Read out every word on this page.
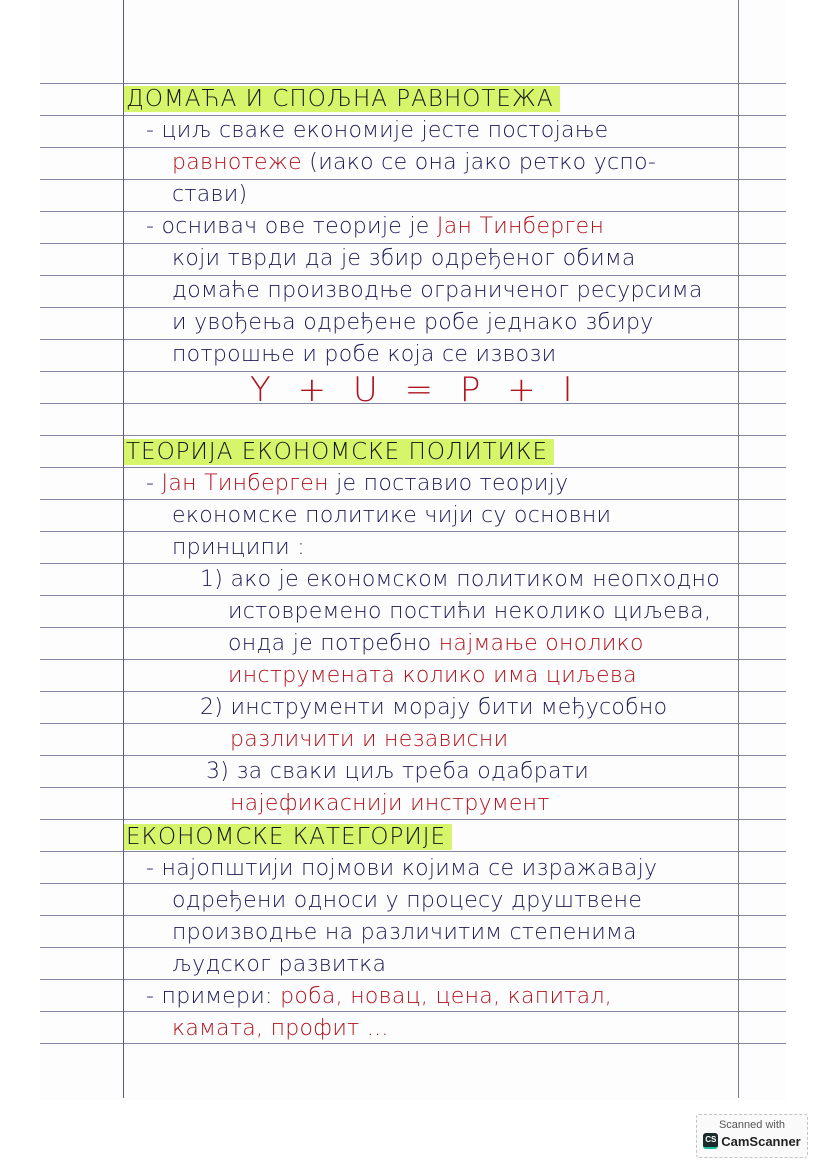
ДОМАЋА И СПОЉНА РАВНОТЕЖА
- циљ сваке економије јесте постојање
равнотеже (иако се она јако ретко успо-
стави)
- оснивач ове теорије је Јан Тинберген
који тврди да је збир одређеног обима
домаће производње ограниченог ресурсима
и увођења одређене робе једнако збиру
потрошње и робе која се извози
Y + U = P + I
ТЕОРИЈА ЕКОНОМСКЕ ПОЛИТИКЕ
- Јан Тинберген је поставио теорију
економске политике чији су основни
принципи :
1) ако је економском политиком неопходно
истовремено постићи неколико циљева,
онда је потребно најмање онолико
инструмената колико има циљева
2) инструменти морају бити међусобно
различити и независни
3) за сваки циљ треба одабрати
најефикаснији инструмент
ЕКОНОМСКЕ КАТЕГОРИЈЕ
- најопштији појмови којима се изражавају
одређени односи у процесу друштвене
производње на различитим степенима
људског развитка
- примери: роба, новац, цена, капитал,
камата, профит ...
Scanned with
CS CamScanner
